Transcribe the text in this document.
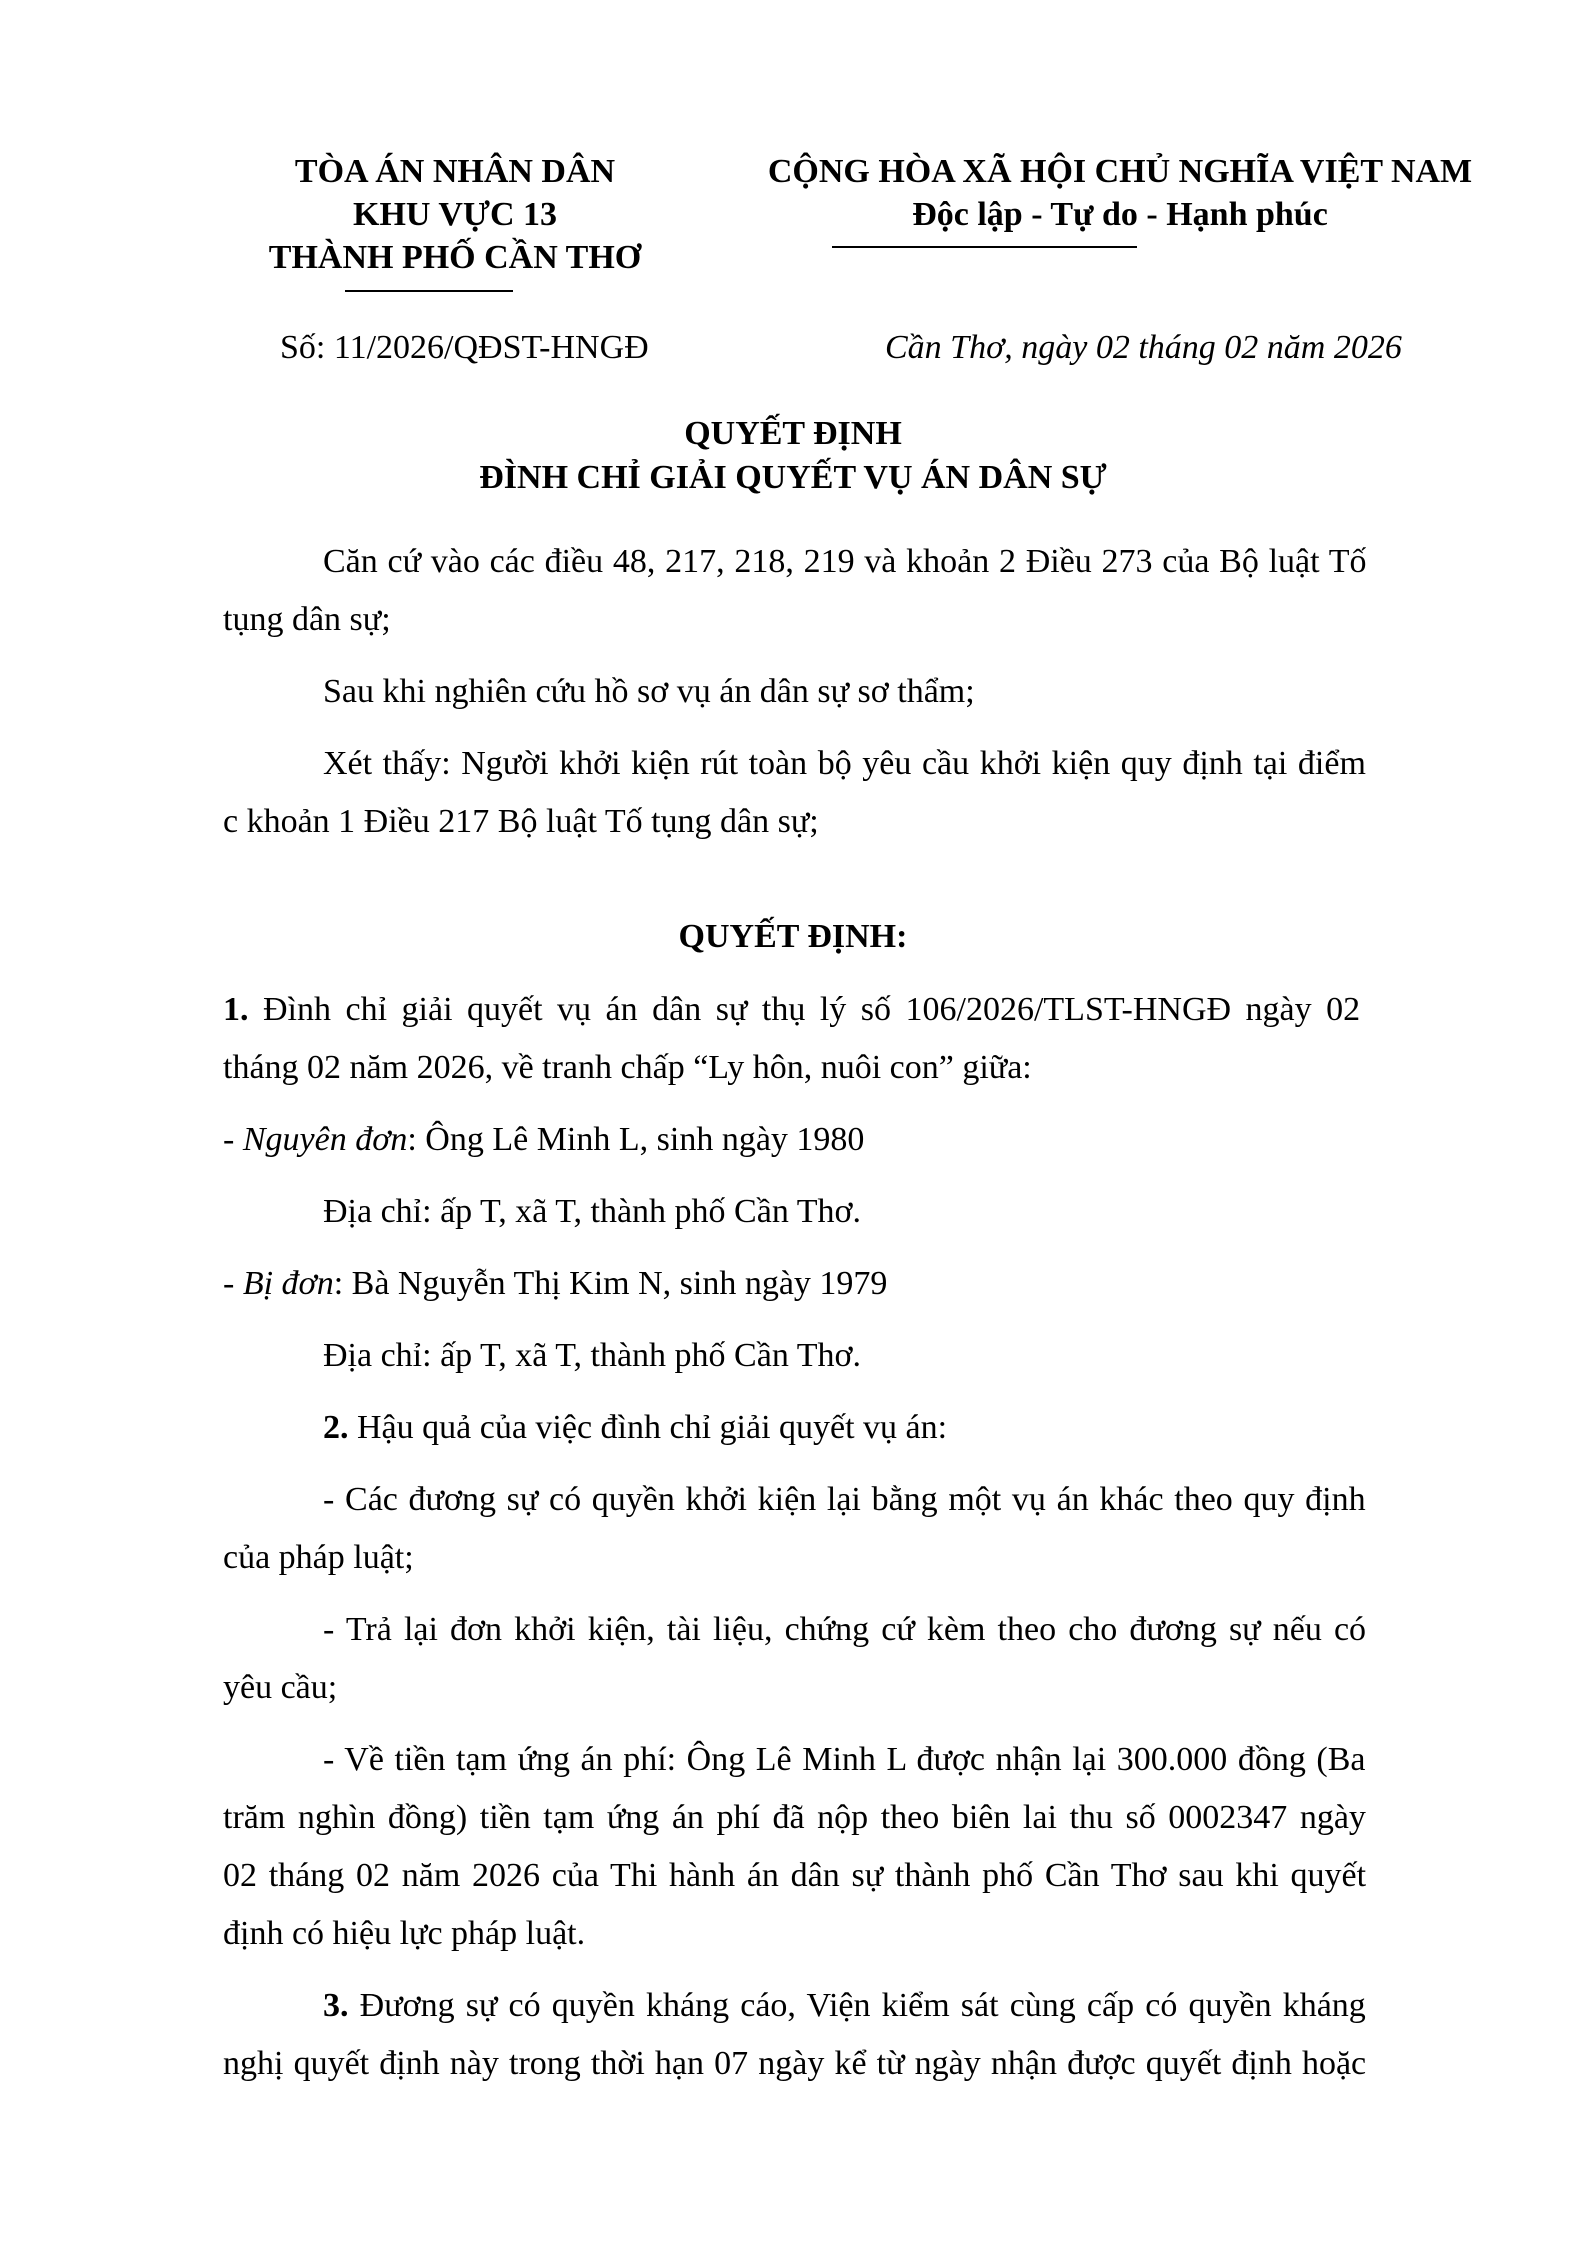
TÒA ÁN NHÂN DÂN
KHU VỰC 13
THÀNH PHỐ CẦN THƠ
Số: 11/2026/QĐST-HNGĐ
CỘNG HÒA XÃ HỘI CHỦ NGHĨA VIỆT NAM
Độc lập - Tự do - Hạnh phúc
Cần Thơ, ngày 02 tháng 02 năm 2026
QUYẾT ĐỊNH
ĐÌNH CHỈ GIẢI QUYẾT VỤ ÁN DÂN SỰ
Căn cứ vào các điều 48, 217, 218, 219 và khoản 2 Điều 273 của Bộ luật Tố
tụng dân sự;
Sau khi nghiên cứu hồ sơ vụ án dân sự sơ thẩm;
Xét thấy: Người khởi kiện rút toàn bộ yêu cầu khởi kiện quy định tại điểm
c khoản 1 Điều 217 Bộ luật Tố tụng dân sự;
QUYẾT ĐỊNH:
1. Đình chỉ giải quyết vụ án dân sự thụ lý số 106/2026/TLST-HNGĐ ngày 02
tháng 02 năm 2026, về tranh chấp “Ly hôn, nuôi con” giữa:
- Nguyên đơn: Ông Lê Minh L, sinh ngày 1980
Địa chỉ: ấp T, xã T, thành phố Cần Thơ.
- Bị đơn: Bà Nguyễn Thị Kim N, sinh ngày 1979
Địa chỉ: ấp T, xã T, thành phố Cần Thơ.
2. Hậu quả của việc đình chỉ giải quyết vụ án:
- Các đương sự có quyền khởi kiện lại bằng một vụ án khác theo quy định
của pháp luật;
- Trả lại đơn khởi kiện, tài liệu, chứng cứ kèm theo cho đương sự nếu có
yêu cầu;
- Về tiền tạm ứng án phí: Ông Lê Minh L được nhận lại 300.000 đồng (Ba
trăm nghìn đồng) tiền tạm ứng án phí đã nộp theo biên lai thu số 0002347 ngày
02 tháng 02 năm 2026 của Thi hành án dân sự thành phố Cần Thơ sau khi quyết
định có hiệu lực pháp luật.
3. Đương sự có quyền kháng cáo, Viện kiểm sát cùng cấp có quyền kháng
nghị quyết định này trong thời hạn 07 ngày kể từ ngày nhận được quyết định hoặc
